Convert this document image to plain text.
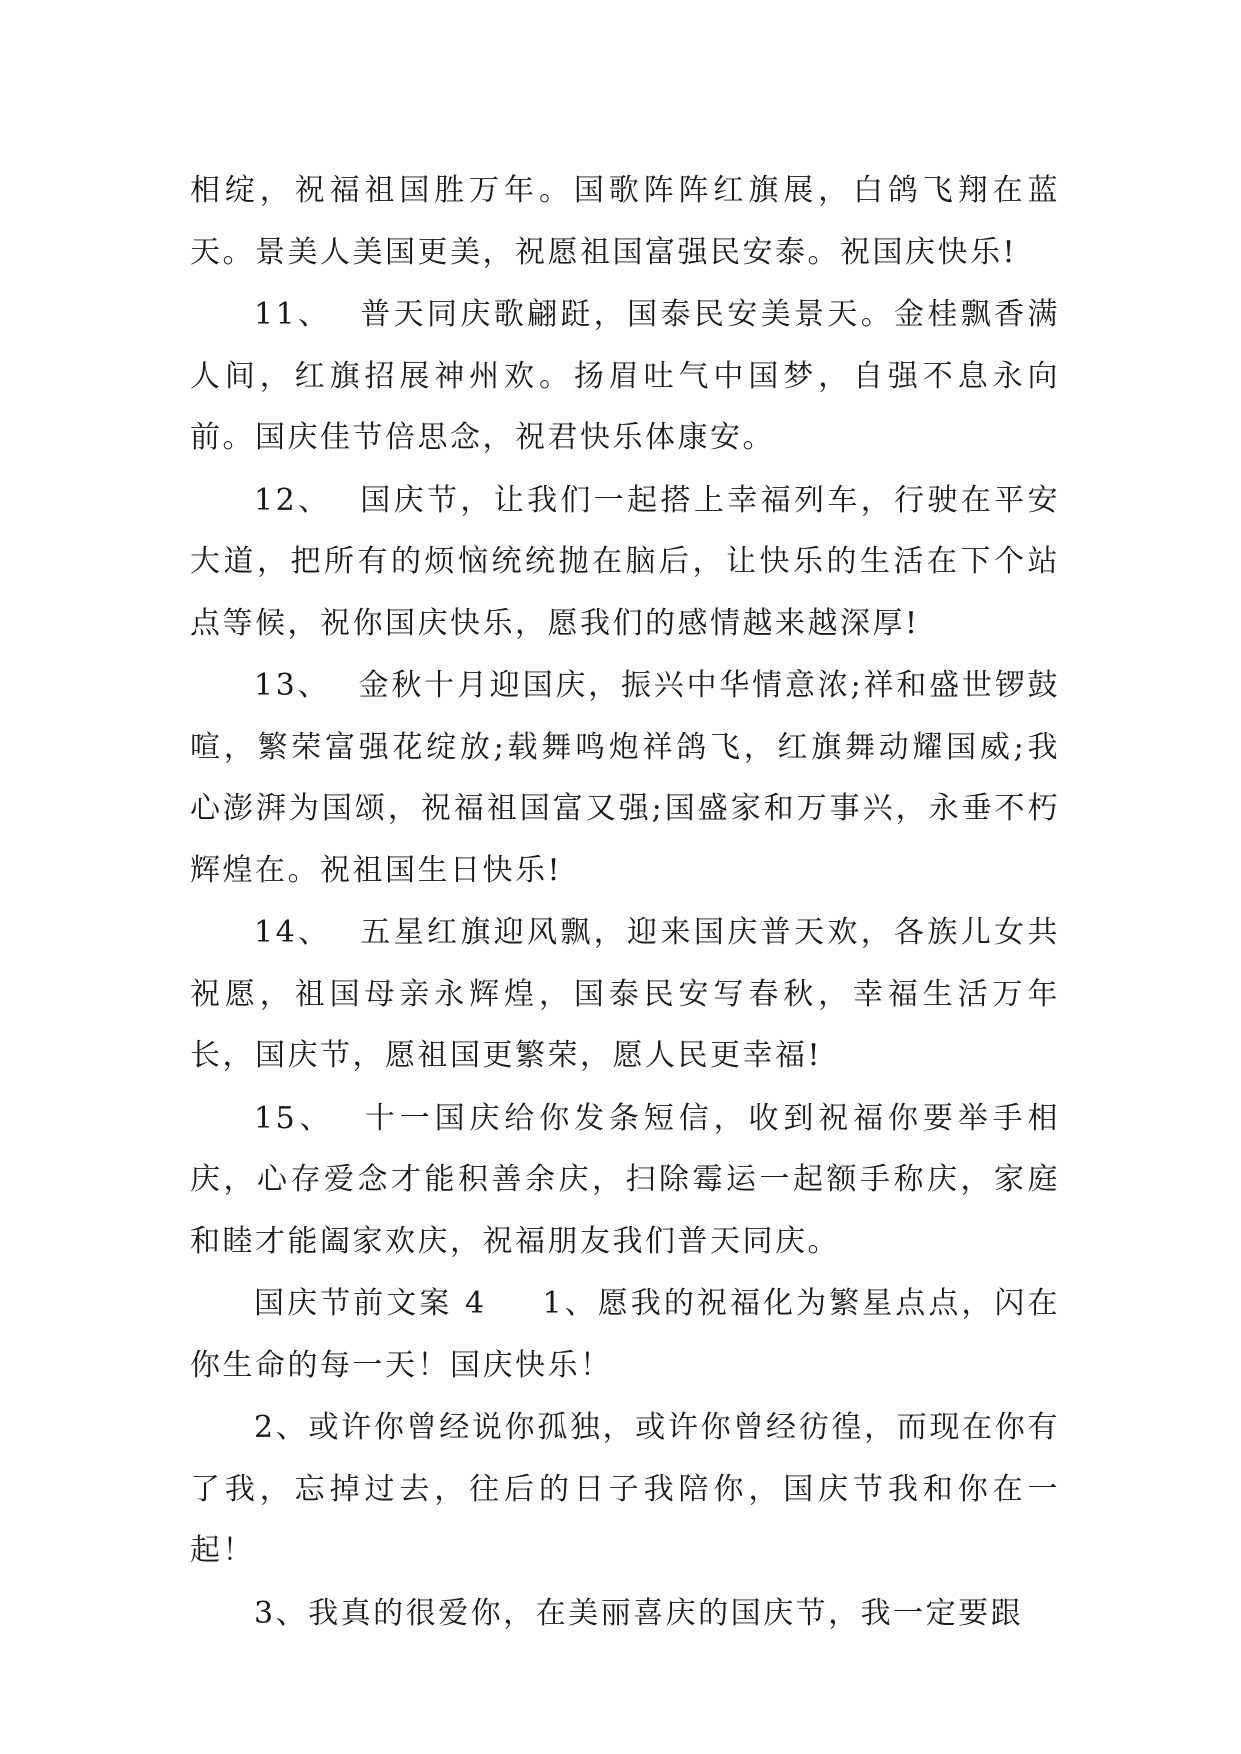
相绽，祝福祖国胜万年。国歌阵阵红旗展，白鸽飞翔在蓝天。景美人美国更美，祝愿祖国富强民安泰。祝国庆快乐!

11、 普天同庆歌翩跹，国泰民安美景天。金桂飘香满人间，红旗招展神州欢。扬眉吐气中国梦，自强不息永向前。国庆佳节倍思念，祝君快乐体康安。

12、 国庆节，让我们一起搭上幸福列车，行驶在平安大道，把所有的烦恼统统抛在脑后，让快乐的生活在下个站点等候，祝你国庆快乐，愿我们的感情越来越深厚!

13、 金秋十月迎国庆，振兴中华情意浓;祥和盛世锣鼓喧，繁荣富强花绽放;载舞鸣炮祥鸽飞，红旗舞动耀国威;我心澎湃为国颂，祝福祖国富又强;国盛家和万事兴，永垂不朽辉煌在。祝祖国生日快乐!

14、 五星红旗迎风飘，迎来国庆普天欢，各族儿女共祝愿，祖国母亲永辉煌，国泰民安写春秋，幸福生活万年长，国庆节，愿祖国更繁荣，愿人民更幸福!

15、 十一国庆给你发条短信，收到祝福你要举手相庆，心存爱念才能积善余庆，扫除霉运一起额手称庆，家庭和睦才能阖家欢庆，祝福朋友我们普天同庆。

国庆节前文案 4 1、愿我的祝福化为繁星点点，闪在你生命的每一天！国庆快乐！

2、或许你曾经说你孤独，或许你曾经彷徨，而现在你有了我，忘掉过去，往后的日子我陪你，国庆节我和你在一起！

3、我真的很爱你，在美丽喜庆的国庆节，我一定要跟
